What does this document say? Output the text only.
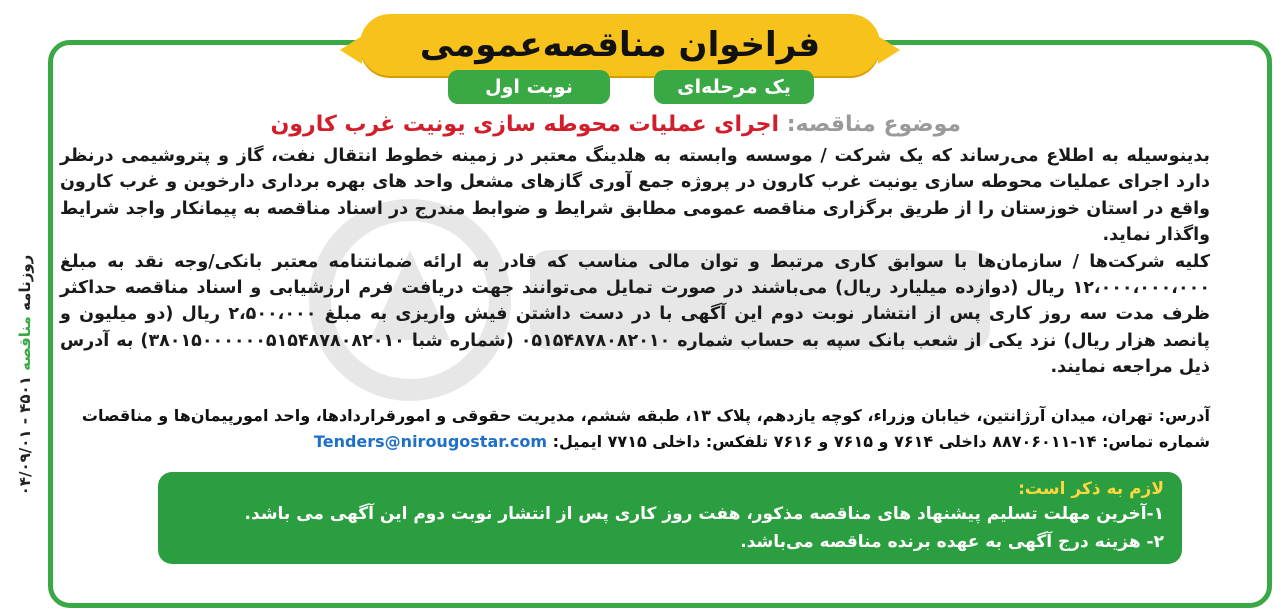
فراخوان مناقصه‌عمومی
یک مرحله‌ای
نوبت اول
موضوع مناقصه: اجرای عملیات محوطه سازی یونیت غرب کارون

بدینوسیله به اطلاع می‌رساند که یک شرکت / موسسه وابسته به هلدینگ معتبر در زمینه خطوط انتقال نفت، گاز و پتروشیمی درنظر دارد اجرای عملیات محوطه سازی یونیت غرب کارون در پروژه جمع آوری گازهای مشعل واحد های بهره برداری دارخوین و غرب کارون واقع در استان خوزستان را از طریق برگزاری مناقصه عمومی مطابق شرایط و ضوابط مندرج در اسناد مناقصه به پیمانکار واجد شرایط واگذار نماید.

کلیه شرکت‌ها / سازمان‌ها با سوابق کاری مرتبط و توان مالی مناسب که قادر به ارائه ضمانتنامه معتبر بانکی/وجه نقد به مبلغ ۱۲،۰۰۰،۰۰۰،۰۰۰ ریال (دوازده میلیارد ریال) می‌باشند در صورت تمایل می‌توانند جهت دریافت فرم ارزشیابی و اسناد مناقصه حداکثر ظرف مدت سه روز کاری پس از انتشار نوبت دوم این آگهی با در دست داشتن فیش واریزی به مبلغ ۲،۵۰۰،۰۰۰ ریال (دو میلیون و پانصد هزار ریال) نزد یکی از شعب بانک سپه به حساب شماره ۰۵۱۵۴۸۷۸۰۸۲۰۱۰ (شماره شبا ۳۸۰۱۵۰۰۰۰۰۰۵۱۵۴۸۷۸۰۸۲۰۱۰) به آدرس ذیل مراجعه نمایند.

آدرس: تهران، میدان آرژانتین، خیابان وزراء، کوچه یازدهم، پلاک ۱۳، طبقه ششم، مدیریت حقوقی و امورقراردادها، واحد امورپیمان‌ها و مناقصات
شماره تماس: ۱۴-۸۸۷۰۶۰۱۱ داخلی ۷۶۱۴ و ۷۶۱۵ و ۷۶۱۶ تلفکس: داخلی ۷۷۱۵ ایمیل: Tenders@nirougostar.com
لازم به ذکر است:
۱-آخرین مهلت تسلیم پیشنهاد های مناقصه مذکور، هفت روز کاری پس از انتشار نوبت دوم این آگهی می باشد.
۲- هزینه درج آگهی به عهده برنده مناقصه می‌باشد.
روزنامه مناقصه ۴۵۰۱ - ۰۴/۰۹/۰۱
